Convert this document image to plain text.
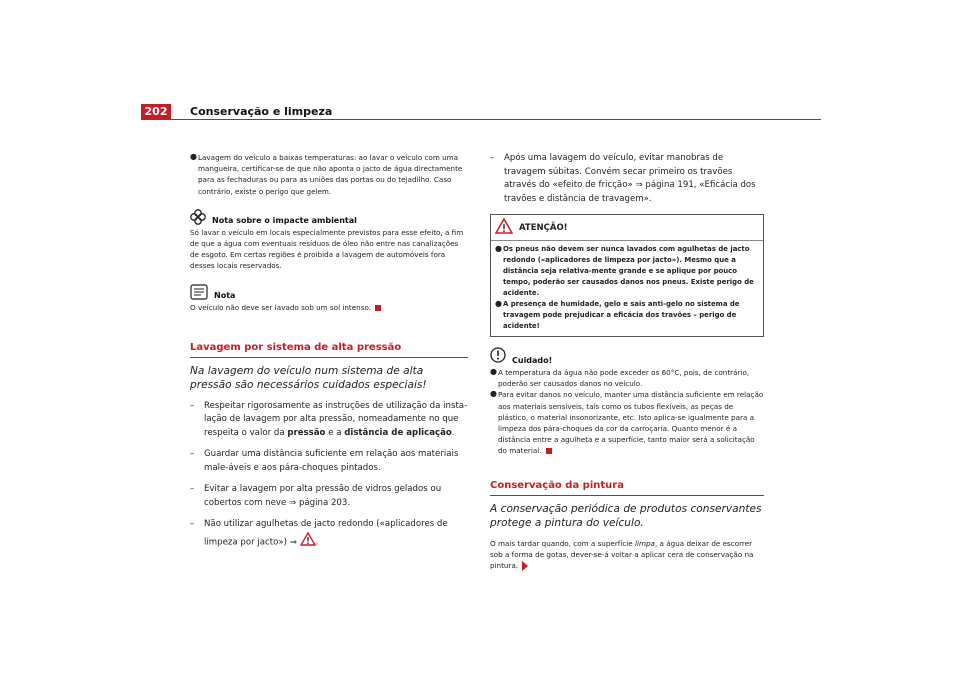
202	Conservação e limpeza
● Lavagem do veículo a baixas temperaturas: ao lavar o veículo com uma mangueira, certificar-se de que não aponta o jacto de água directamente para as fechaduras ou para as uniões das portas ou do tejadilho. Caso contrário, existe o perigo que gelem.

Nota sobre o impacte ambiental

Só lavar o veículo em locais especialmente previstos para esse efeito, a fim de que a água com eventuais resíduos de óleo não entre nas canalizações de esgoto. Em certas regiões é proibida a lavagem de automóveis fora desses locais reservados.

Nota

O veículo não deve ser lavado sob um sol intenso.

Lavagem por sistema de alta pressão

Na lavagem do veículo num sistema de alta pressão são necessários cuidados especiais!

–	Respeitar rigorosamente as instruções de utilização da insta-lação de lavagem por alta pressão, nomeadamente no que respeita o valor da pressão e a distância de aplicação.

–	Guardar uma distância suficiente em relação aos materiais male-áveis e aos pára-choques pintados.

–	Evitar a lavagem por alta pressão de vidros gelados ou cobertos com neve ⇒ página 203.

–	Não utilizar agulhetas de jacto redondo («aplicadores de limpeza por jacto») ⇒ .

–	Após uma lavagem do veículo, evitar manobras de travagem súbitas. Convém secar primeiro os travões através do «efeito de fricção» ⇒ página 191, «Eficácia dos travões e distância de travagem».

ATENÇÃO!
● Os pneus não devem ser nunca lavados com agulhetas de jacto redondo («aplicadores de limpeza por jacto»). Mesmo que a distância seja relativa-mente grande e se aplique por pouco tempo, poderão ser causados danos nos pneus. Existe perigo de acidente.

● A presença de humidade, gelo e sais anti-gelo no sistema de travagem pode prejudicar a eficácia dos travões – perigo de acidente!

Cuidado!
● A temperatura da água não pode exceder os 60°C, pois, de contrário, poderão ser causados danos no veículo.

● Para evitar danos no veículo, manter uma distância suficiente em relação aos materiais sensíveis, tais como os tubos flexíveis, as peças de plástico, o material insonorizante, etc. Isto aplica-se igualmente para a limpeza dos pára-choques da cor da carroçaria. Quanto menor é a distância entre a agulheta e a superfície, tanto maior será a solicitação do material.

Conservação da pintura

A conservação periódica de produtos conservantes protege a pintura do veículo.

O mais tardar quando, com a superfície limpa, a água deixar de escorrer sob a forma de gotas, dever-se-á voltar a aplicar cera de conservação na pintura.
